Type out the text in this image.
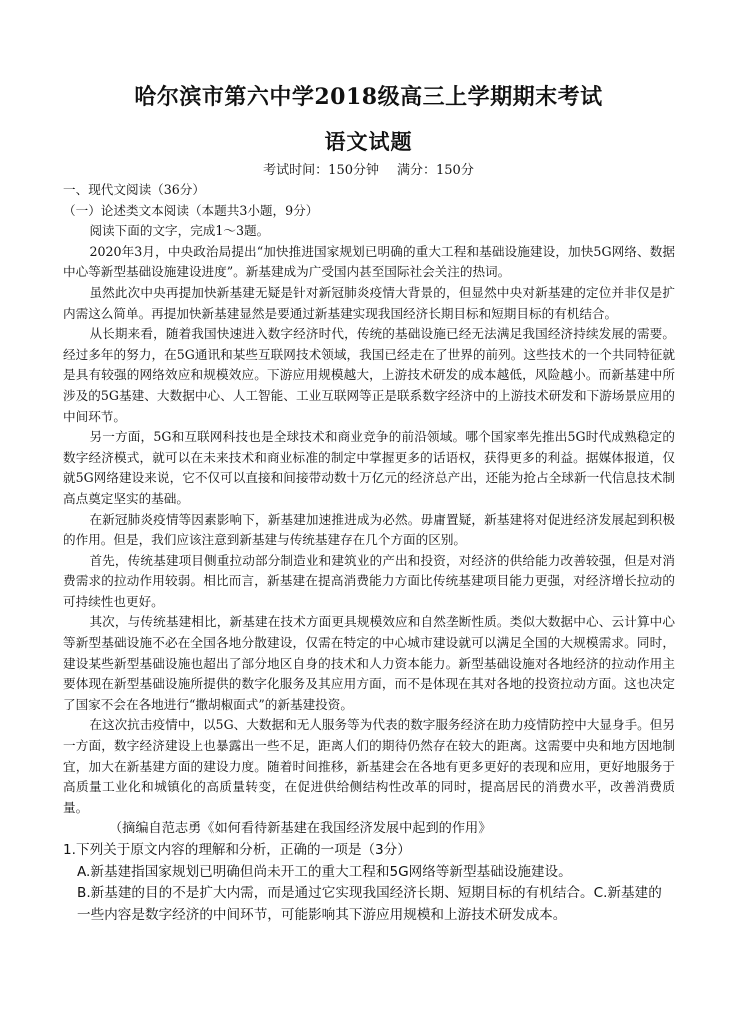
哈尔滨市第六中学2018级高三上学期期末考试
语文试题
考试时间：150分钟 满分：150分

一、现代文阅读（36分）

（一）论述类文本阅读（本题共3小题，9分）

阅读下面的文字，完成1～3题。

2020年3月，中央政治局提出“加快推进国家规划已明确的重大工程和基础设施建设，加快5G网络、数据中心等新型基础设施建设进度”。新基建成为广受国内甚至国际社会关注的热词。

虽然此次中央再提加快新基建无疑是针对新冠肺炎疫情大背景的，但显然中央对新基建的定位并非仅是扩内需这么简单。再提加快新基建显然是要通过新基建实现我国经济长期目标和短期目标的有机结合。

从长期来看，随着我国快速进入数字经济时代，传统的基础设施已经无法满足我国经济持续发展的需要。经过多年的努力，在5G通讯和某些互联网技术领域，我国已经走在了世界的前列。这些技术的一个共同特征就是具有较强的网络效应和规模效应。下游应用规模越大，上游技术研发的成本越低，风险越小。而新基建中所涉及的5G基建、大数据中心、人工智能、工业互联网等正是联系数字经济中的上游技术研发和下游场景应用的中间环节。

另一方面，5G和互联网科技也是全球技术和商业竞争的前沿领域。哪个国家率先推出5G时代成熟稳定的数字经济模式，就可以在未来技术和商业标准的制定中掌握更多的话语权，获得更多的利益。据媒体报道，仅就5G网络建设来说，它不仅可以直接和间接带动数十万亿元的经济总产出，还能为抢占全球新一代信息技术制高点奠定坚实的基础。

在新冠肺炎疫情等因素影响下，新基建加速推进成为必然。毋庸置疑，新基建将对促进经济发展起到积极的作用。但是，我们应该注意到新基建与传统基建存在几个方面的区别。

首先，传统基建项目侧重拉动部分制造业和建筑业的产出和投资，对经济的供给能力改善较强，但是对消费需求的拉动作用较弱。相比而言，新基建在提高消费能力方面比传统基建项目能力更强，对经济增长拉动的可持续性也更好。

其次，与传统基建相比，新基建在技术方面更具规模效应和自然垄断性质。类似大数据中心、云计算中心等新型基础设施不必在全国各地分散建设，仅需在特定的中心城市建设就可以满足全国的大规模需求。同时，建设某些新型基础设施也超出了部分地区自身的技术和人力资本能力。新型基础设施对各地经济的拉动作用主要体现在新型基础设施所提供的数字化服务及其应用方面，而不是体现在其对各地的投资拉动方面。这也决定了国家不会在各地进行“撒胡椒面式”的新基建投资。

在这次抗击疫情中，以5G、大数据和无人服务等为代表的数字服务经济在助力疫情防控中大显身手。但另一方面，数字经济建设上也暴露出一些不足，距离人们的期待仍然存在较大的距离。这需要中央和地方因地制宜，加大在新基建方面的建设力度。随着时间推移，新基建会在各地有更多更好的表现和应用，更好地服务于高质量工业化和城镇化的高质量转变，在促进供给侧结构性改革的同时，提高居民的消费水平，改善消费质量。

（摘编自范志勇《如何看待新基建在我国经济发展中起到的作用》

1.下列关于原文内容的理解和分析，正确的一项是（3分）

A.新基建指国家规划已明确但尚未开工的重大工程和5G网络等新型基础设施建设。

B.新基建的目的不是扩大内需，而是通过它实现我国经济长期、短期目标的有机结合。C.新基建的一些内容是数字经济的中间环节，可能影响其下游应用规模和上游技术研发成本。
